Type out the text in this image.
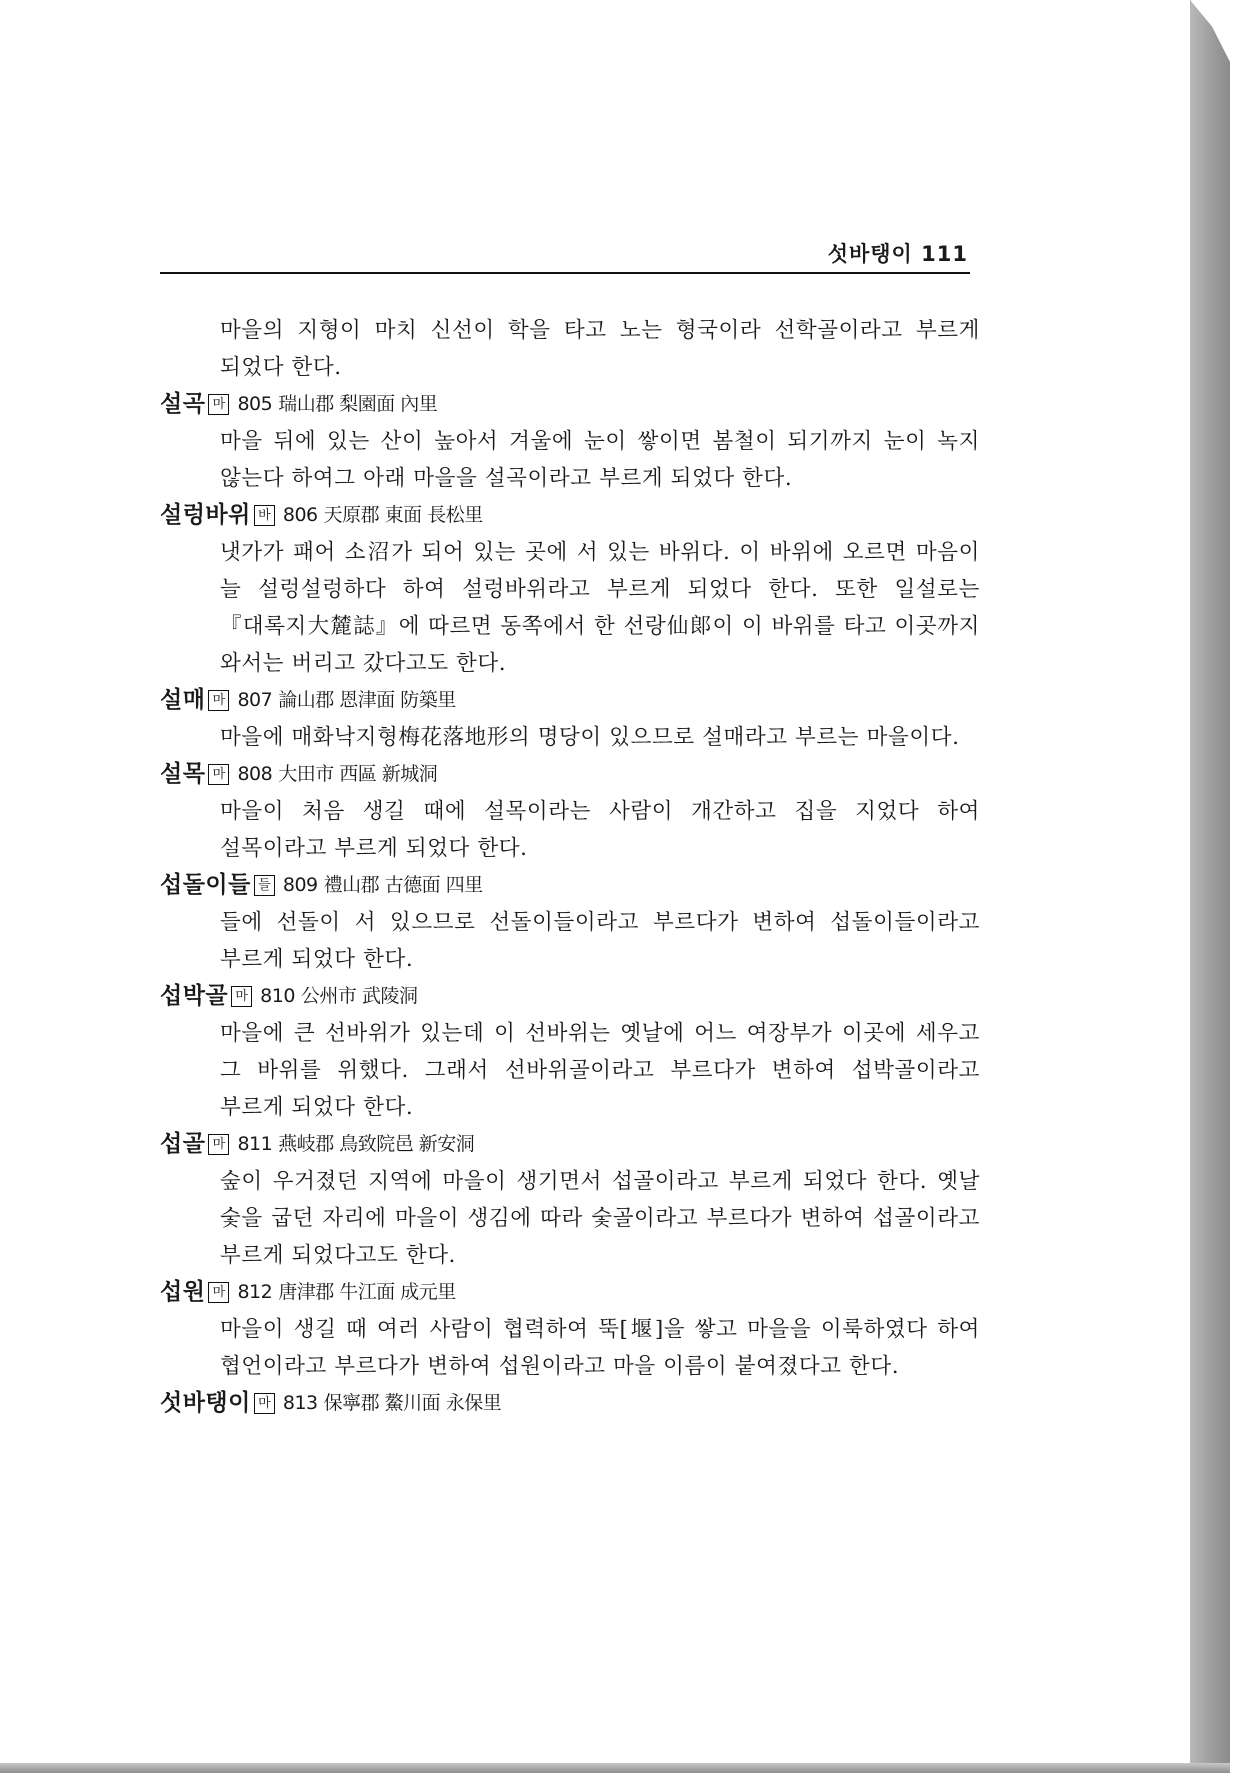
섯바탱이 111
마을의 지형이 마치 신선이 학을 타고 노는 형국이라 선학골이라고 부르게 되었다 한다.
설곡 마 805 瑞山郡 梨園面 內里
마을 뒤에 있는 산이 높아서 겨울에 눈이 쌓이면 봄철이 되기까지 눈이 녹지 않는다 하여그 아래 마을을 설곡이라고 부르게 되었다 한다.
설렁바위 바 806 天原郡 東面 長松里
냇가가 패어 소沼가 되어 있는 곳에 서 있는 바위다. 이 바위에 오르면 마음이 늘 설렁설렁하다 하여 설렁바위라고 부르게 되었다 한다. 또한 일설로는 『대록지大麓誌』에 따르면 동쪽에서 한 선랑仙郞이 이 바위를 타고 이곳까지 와서는 버리고 갔다고도 한다.
설매 마 807 論山郡 恩津面 防築里
마을에 매화낙지형梅花落地形의 명당이 있으므로 설매라고 부르는 마을이다.
설목 마 808 大田市 西區 新城洞
마을이 처음 생길 때에 설목이라는 사람이 개간하고 집을 지었다 하여 설목이라고 부르게 되었다 한다.
섭돌이들 들 809 禮山郡 古德面 四里
들에 선돌이 서 있으므로 선돌이들이라고 부르다가 변하여 섭돌이들이라고 부르게 되었다 한다.
섭박골 마 810 公州市 武陵洞
마을에 큰 선바위가 있는데 이 선바위는 옛날에 어느 여장부가 이곳에 세우고 그 바위를 위했다. 그래서 선바위골이라고 부르다가 변하여 섭박골이라고 부르게 되었다 한다.
섭골 마 811 燕岐郡 鳥致院邑 新安洞
숲이 우거졌던 지역에 마을이 생기면서 섭골이라고 부르게 되었다 한다. 옛날 숯을 굽던 자리에 마을이 생김에 따라 숯골이라고 부르다가 변하여 섭골이라고 부르게 되었다고도 한다.
섭원 마 812 唐津郡 牛江面 成元里
마을이 생길 때 여러 사람이 협력하여 뚝[堰]을 쌓고 마을을 이룩하였다 하여 협언이라고 부르다가 변하여 섭원이라고 마을 이름이 붙여졌다고 한다.
섯바탱이 마 813 保寧郡 鰲川面 永保里
